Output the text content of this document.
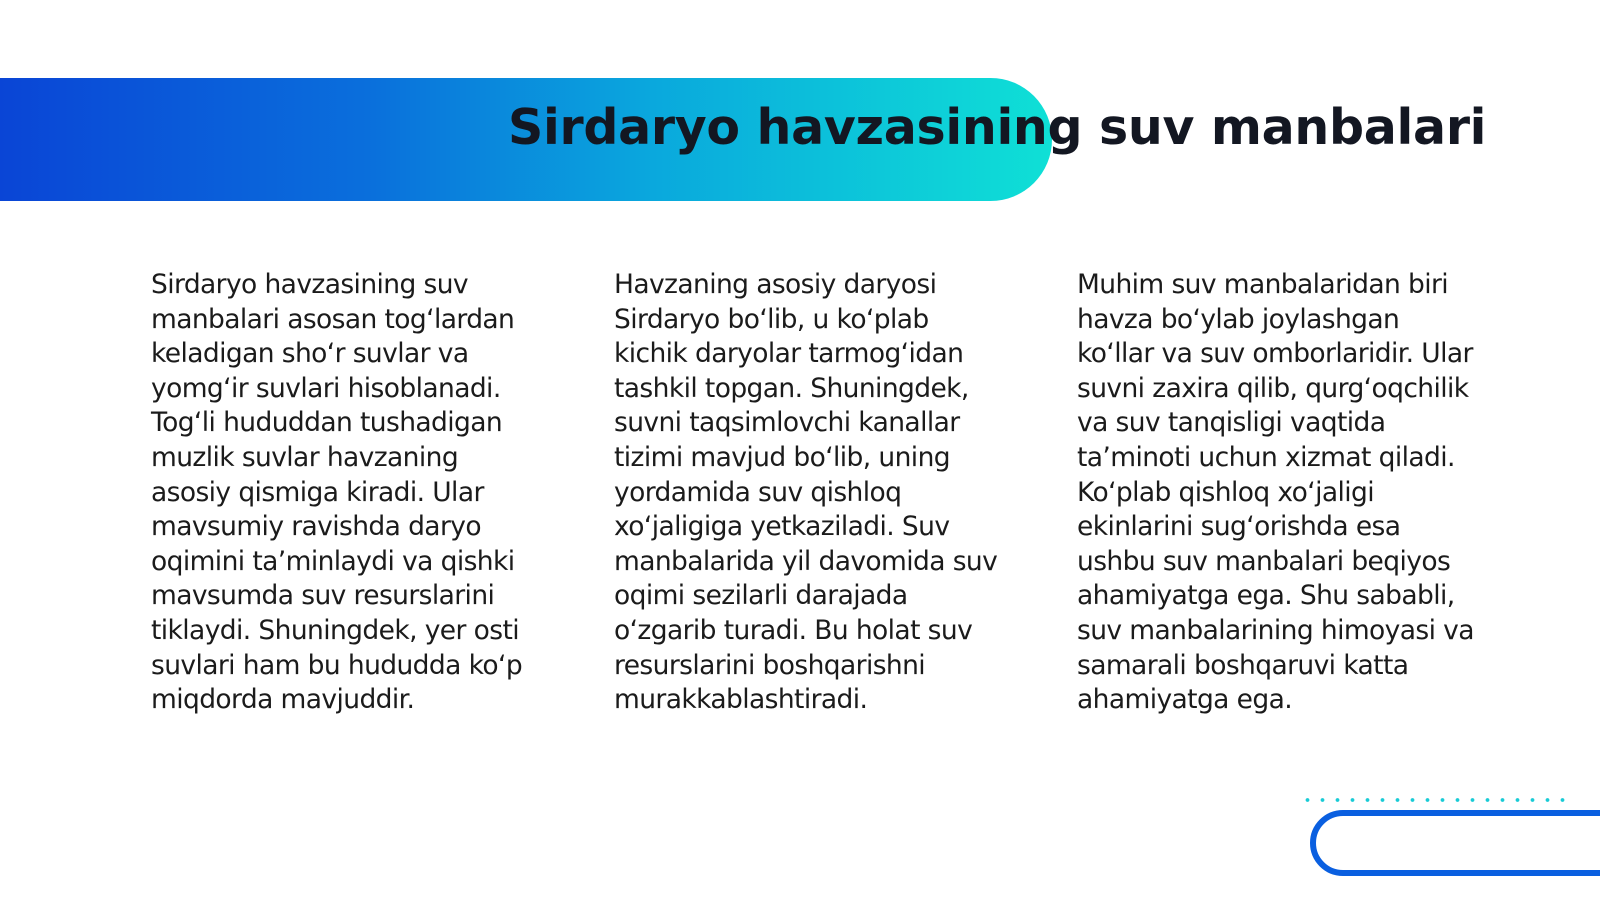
Sirdaryo havzasining suv manbalari

Sirdaryo havzasining suv manbalari asosan tog‘lardan keladigan sho‘r suvlar va yomg‘ir suvlari hisoblanadi. Tog‘li hududdan tushadigan muzlik suvlar havzaning asosiy qismiga kiradi. Ular mavsumiy ravishda daryo oqimini ta’minlaydi va qishki mavsumda suv resurslarini tiklaydi. Shuningdek, yer osti suvlari ham bu hududda ko‘p miqdorda mavjuddir.

Havzaning asosiy daryosi Sirdaryo bo‘lib, u ko‘plab kichik daryolar tarmog‘idan tashkil topgan. Shuningdek, suvni taqsimlovchi kanallar tizimi mavjud bo‘lib, uning yordamida suv qishloq xo‘jaligiga yetkaziladi. Suv manbalarida yil davomida suv oqimi sezilarli darajada o‘zgarib turadi. Bu holat suv resurslarini boshqarishni murakkablashtiradi.

Muhim suv manbalaridan biri havza bo‘ylab joylashgan ko‘llar va suv omborlaridir. Ular suvni zaxira qilib, qurg‘oqchilik va suv tanqisligi vaqtida ta’minoti uchun xizmat qiladi. Ko‘plab qishloq xo‘jaligi ekinlarini sug‘orishda esa ushbu suv manbalari beqiyos ahamiyatga ega. Shu sababli, suv manbalarining himoyasi va samarali boshqaruvi katta ahamiyatga ega.
